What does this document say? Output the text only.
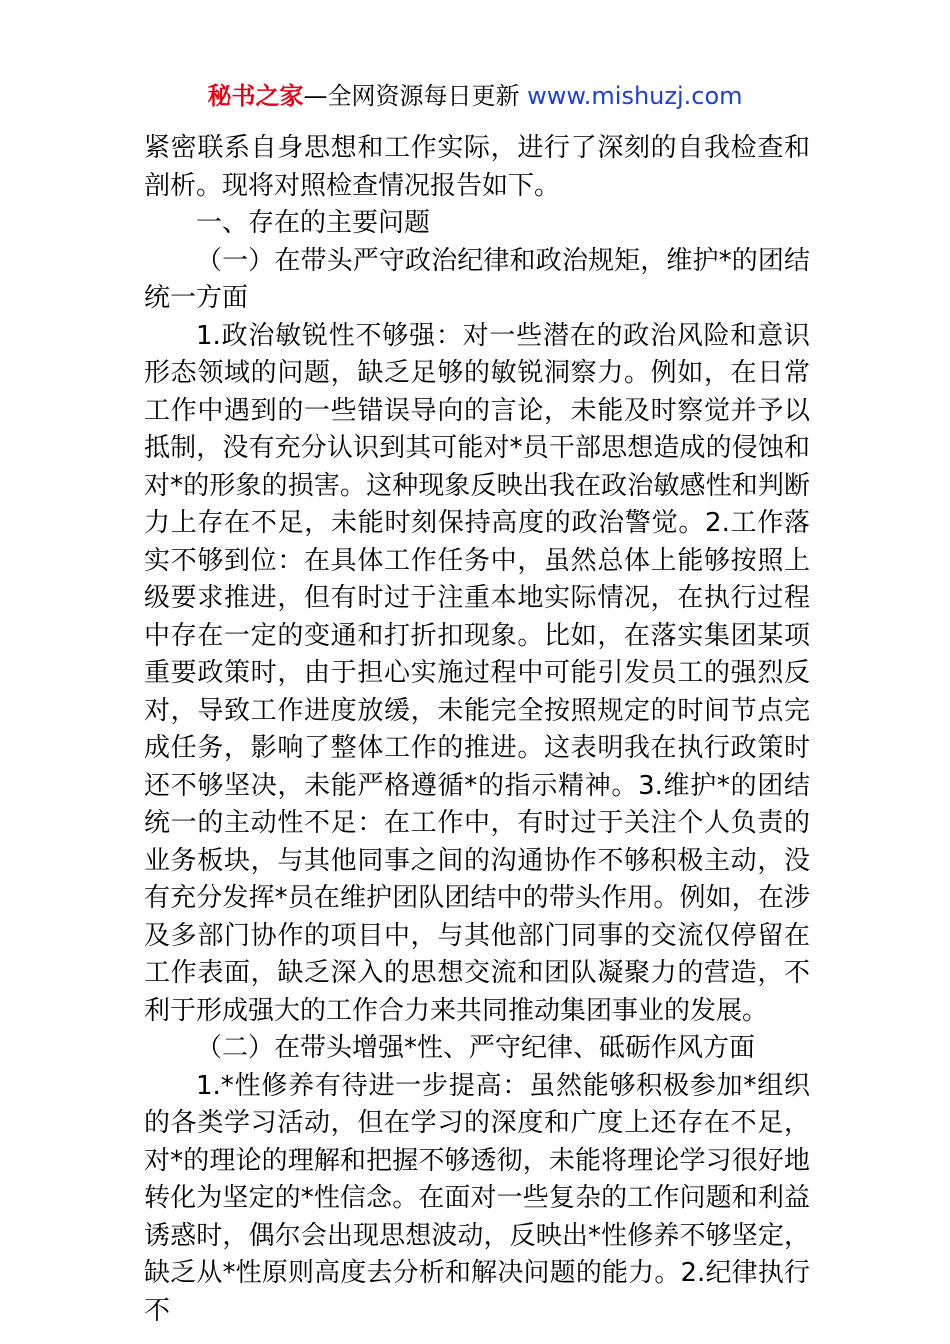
秘书之家—全网资源每日更新 www.mishuzj.com

紧密联系自身思想和工作实际，进行了深刻的自我检查和剖析。现将对照检查情况报告如下。

一、存在的主要问题

（一）在带头严守政治纪律和政治规矩，维护*的团结统一方面

1.政治敏锐性不够强：对一些潜在的政治风险和意识形态领域的问题，缺乏足够的敏锐洞察力。例如，在日常工作中遇到的一些错误导向的言论，未能及时察觉并予以抵制，没有充分认识到其可能对*员干部思想造成的侵蚀和对*的形象的损害。这种现象反映出我在政治敏感性和判断力上存在不足，未能时刻保持高度的政治警觉。2.工作落实不够到位：在具体工作任务中，虽然总体上能够按照上级要求推进，但有时过于注重本地实际情况，在执行过程中存在一定的变通和打折扣现象。比如，在落实集团某项重要政策时，由于担心实施过程中可能引发员工的强烈反对，导致工作进度放缓，未能完全按照规定的时间节点完成任务，影响了整体工作的推进。这表明我在执行政策时还不够坚决，未能严格遵循*的指示精神。3.维护*的团结统一的主动性不足：在工作中，有时过于关注个人负责的业务板块，与其他同事之间的沟通协作不够积极主动，没有充分发挥*员在维护团队团结中的带头作用。例如，在涉及多部门协作的项目中，与其他部门同事的交流仅停留在工作表面，缺乏深入的思想交流和团队凝聚力的营造，不利于形成强大的工作合力来共同推动集团事业的发展。

（二）在带头增强*性、严守纪律、砥砺作风方面

1.*性修养有待进一步提高：虽然能够积极参加*组织的各类学习活动，但在学习的深度和广度上还存在不足，对*的理论的理解和把握不够透彻，未能将理论学习很好地转化为坚定的*性信念。在面对一些复杂的工作问题和利益诱惑时，偶尔会出现思想波动，反映出*性修养不够坚定，缺乏从*性原则高度去分析和解决问题的能力。2.纪律执行不
